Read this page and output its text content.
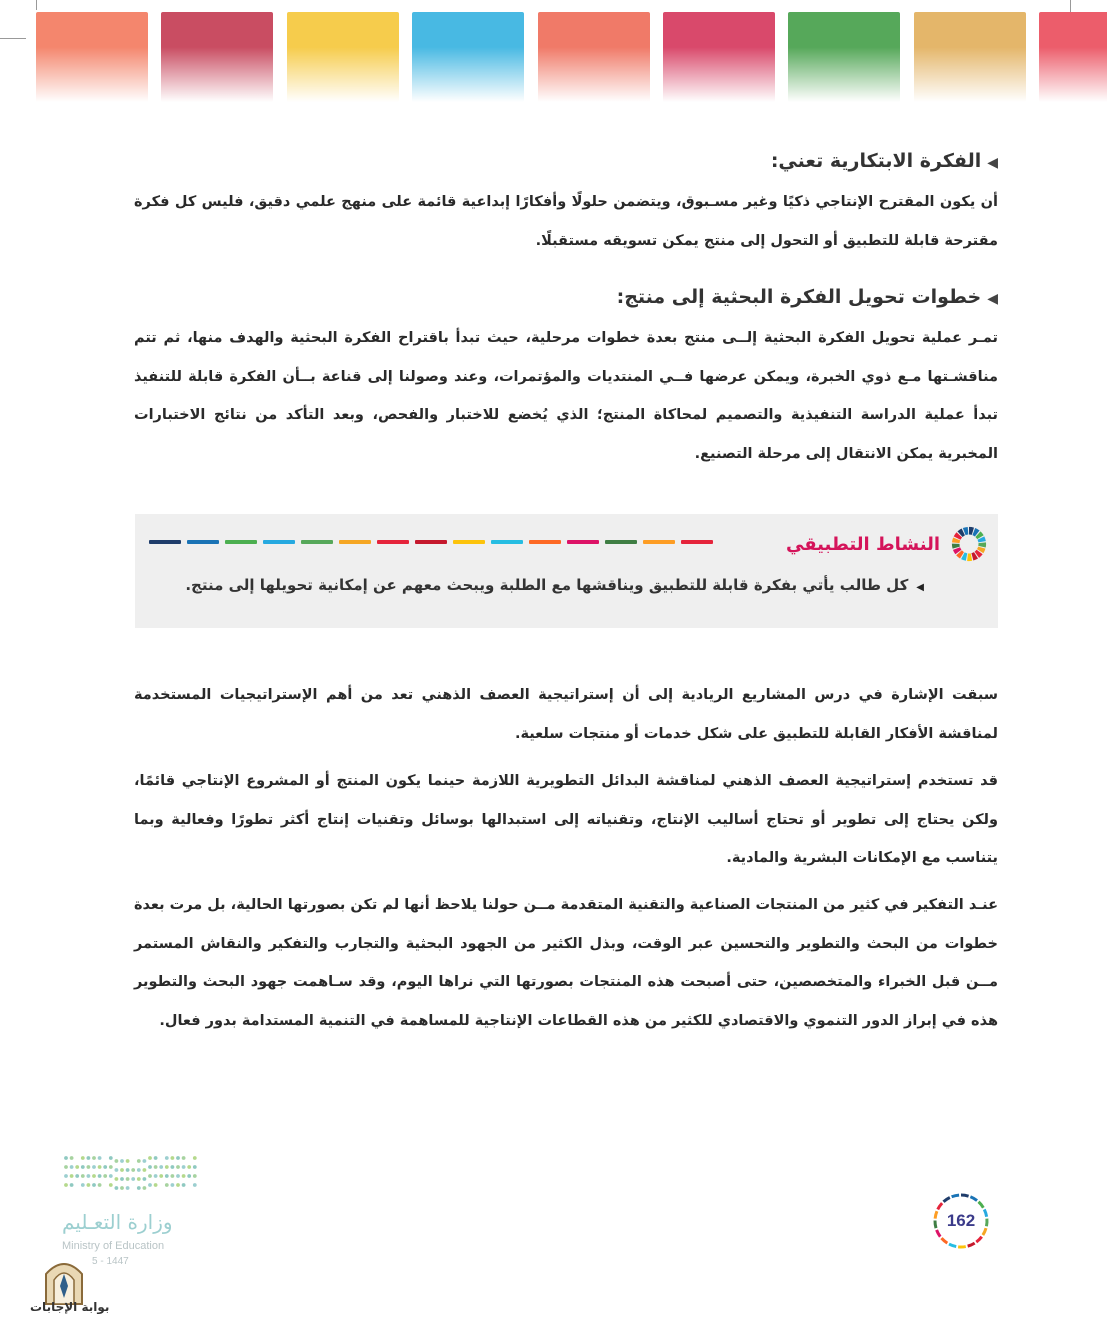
◀الفكرة الابتكارية تعني:
أن يكون المقترح الإنتاجي ذكيًا وغير مسـبوق، ويتضمن حلولًا وأفكارًا إبداعية قائمة على منهج علمي دقيق، فليس كل فكرة مقترحة قابلة للتطبيق أو التحول إلى منتج يمكن تسويقه مستقبلًا.
◀خطوات تحويل الفكرة البحثية إلى منتج:
تمـر عملية تحويل الفكرة البحثية إلــى منتج بعدة خطوات مرحلية، حيث تبدأ باقتراح الفكرة البحثية والهدف منها، ثم تتم مناقشـتها مـع ذوي الخبرة، ويمكن عرضها فــي المنتديات والمؤتمرات، وعند وصولنا إلى قناعة بــأن الفكرة قابلة للتنفيذ تبدأ عملية الدراسة التنفيذية والتصميم لمحاكاة المنتج؛ الذي يُخضع للاختبار والفحص، وبعد التأكد من نتائج الاختبارات المخبرية يمكن الانتقال إلى مرحلة التصنيع.
النشاط التطبيقي
◀كل طالب يأتي بفكرة قابلة للتطبيق ويناقشها مع الطلبة ويبحث معهم عن إمكانية تحويلها إلى منتج.
سبقت الإشارة في درس المشاريع الريادية إلى أن إستراتيجية العصف الذهني تعد من أهم الإستراتيجيات المستخدمة لمناقشة الأفكار القابلة للتطبيق على شكل خدمات أو منتجات سلعية.
قد تستخدم إستراتيجية العصف الذهني لمناقشة البدائل التطويرية اللازمة حينما يكون المنتج أو المشروع الإنتاجي قائمًا، ولكن يحتاج إلى تطوير أو تحتاج أساليب الإنتاج، وتقنياته إلى استبدالها بوسائل وتقنيات إنتاج أكثر تطورًا وفعالية وبما يتناسب مع الإمكانات البشرية والمادية.
عنـد التفكير في كثير من المنتجات الصناعية والتقنية المتقدمة مــن حولنا يلاحظ أنها لم تكن بصورتها الحالية، بل مرت بعدة خطوات من البحث والتطوير والتحسين عبر الوقت، وبذل الكثير من الجهود البحثية والتجارب والتفكير والنقاش المستمر مــن قبل الخبراء والمتخصصين، حتى أصبحت هذه المنتجات بصورتها التي نراها اليوم، وقد سـاهمت جهود البحث والتطوير هذه في إبراز الدور التنموي والاقتصادي للكثير من هذه القطاعات الإنتاجية للمساهمة في التنمية المستدامة بدور فعال.
وزارة التعـليم
Ministry of Education
5 - 1447
بوابة الإجابات
162
